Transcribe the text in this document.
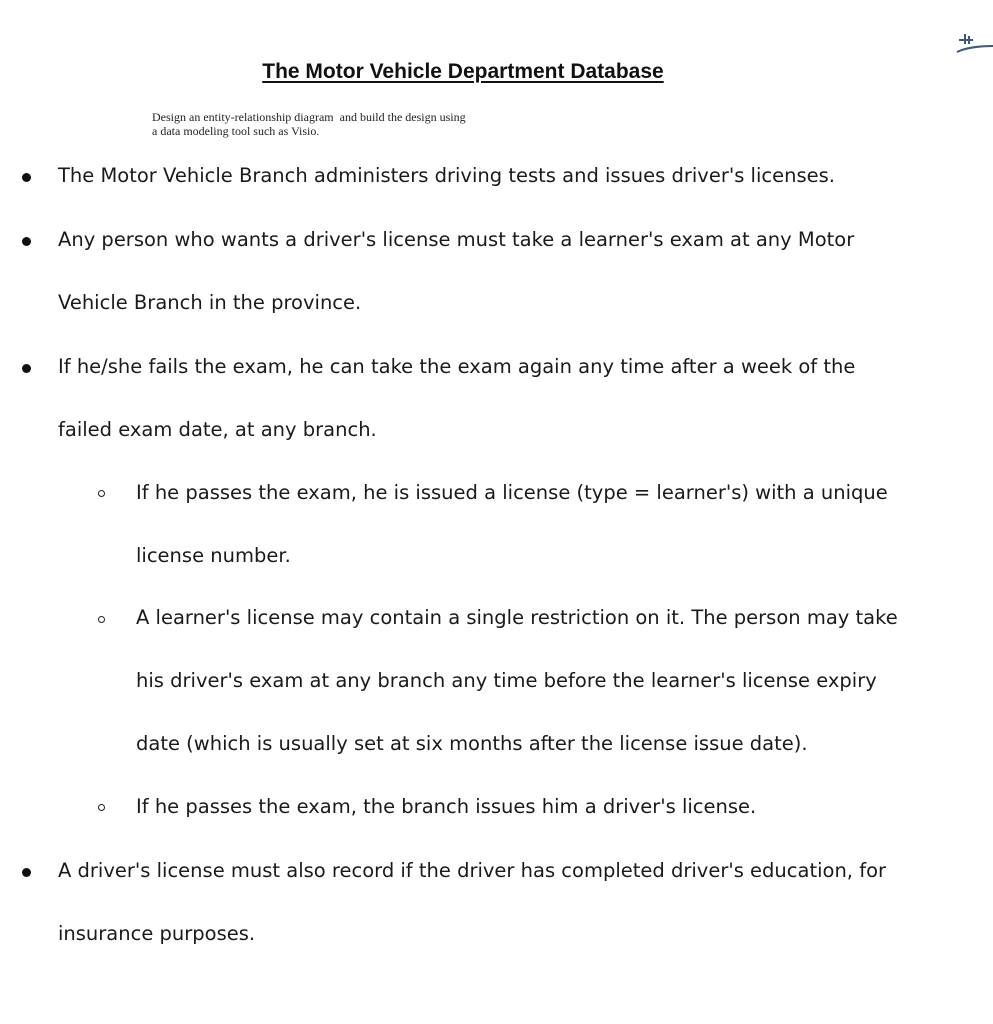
The Motor Vehicle Department Database
Design an entity-relationship diagram and build the design using
a data modeling tool such as Visio.
The Motor Vehicle Branch administers driving tests and issues driver's licenses.
Any person who wants a driver's license must take a learner's exam at any Motor
Vehicle Branch in the province.
If he/she fails the exam, he can take the exam again any time after a week of the
failed exam date, at any branch.
If he passes the exam, he is issued a license (type = learner's) with a unique
license number.
A learner's license may contain a single restriction on it. The person may take
his driver's exam at any branch any time before the learner's license expiry
date (which is usually set at six months after the license issue date).
If he passes the exam, the branch issues him a driver's license.
A driver's license must also record if the driver has completed driver's education, for
insurance purposes.
